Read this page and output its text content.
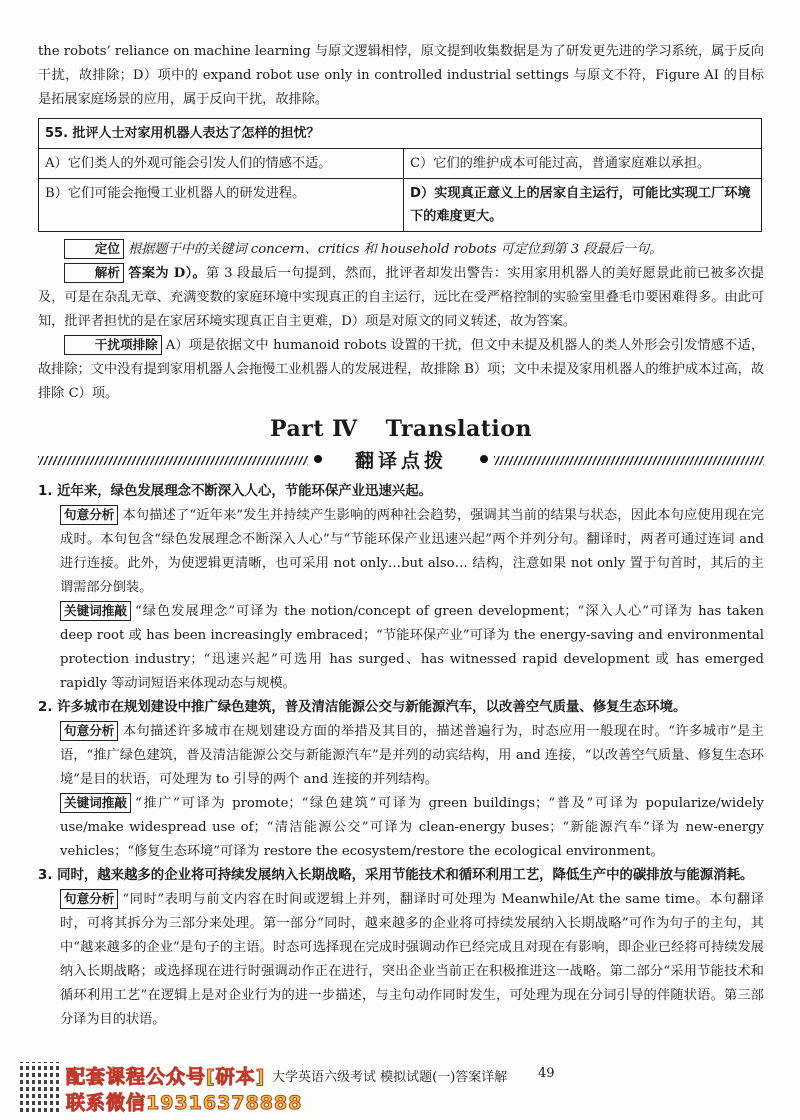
the robots’ reliance on machine learning 与原文逻辑相悖，原文提到收集数据是为了研发更先进的学习系统，属于反向干扰，故排除；D）项中的 expand robot use only in controlled industrial settings 与原文不符，Figure AI 的目标是拓展家庭场景的应用，属于反向干扰，故排除。

55. 批评人士对家用机器人表达了怎样的担忧？	
A）它们类人的外观可能会引发人们的情感不适。	C）它们的维护成本可能过高，普通家庭难以承担。
B）它们可能会拖慢工业机器人的研发进程。	D）实现真正意义上的居家自主运行，可能比实现工厂环境下的难度更大。

定位 根据题干中的关键词 concern、critics 和 household robots 可定位到第 3 段最后一句。

解析 答案为 D）。第 3 段最后一句提到，然而，批评者却发出警告：实用家用机器人的美好愿景此前已被多次提及，可是在杂乱无章、充满变数的家庭环境中实现真正的自主运行，远比在受严格控制的实验室里叠毛巾要困难得多。由此可知，批评者担忧的是在家居环境实现真正自主更难，D）项是对原文的同义转述，故为答案。

干扰项排除 A）项是依据文中 humanoid robots 设置的干扰，但文中未提及机器人的类人外形会引发情感不适，故排除；文中没有提到家用机器人会拖慢工业机器人的发展进程，故排除 B）项；文中未提及家用机器人的维护成本过高，故排除 C）项。

Part Ⅳ Translation
翻译点拨

1. 近年来，绿色发展理念不断深入人心，节能环保产业迅速兴起。

句意分析 本句描述了“近年来”发生并持续产生影响的两种社会趋势，强调其当前的结果与状态，因此本句应使用现在完成时。本句包含“绿色发展理念不断深入人心”与“节能环保产业迅速兴起”两个并列分句。翻译时，两者可通过连词 and 进行连接。此外，为使逻辑更清晰，也可采用 not only…but also… 结构，注意如果 not only 置于句首时，其后的主谓需部分倒装。

关键词推敲 “绿色发展理念”可译为 the notion/concept of green development；“深入人心”可译为 has taken deep root 或 has been increasingly embraced；“节能环保产业”可译为 the energy-saving and environmental protection industry；“迅速兴起”可选用 has surged、has witnessed rapid development 或 has emerged rapidly 等动词短语来体现动态与规模。

2. 许多城市在规划建设中推广绿色建筑，普及清洁能源公交与新能源汽车，以改善空气质量、修复生态环境。

句意分析 本句描述许多城市在规划建设方面的举措及其目的，描述普遍行为，时态应用一般现在时。“许多城市”是主语，“推广绿色建筑，普及清洁能源公交与新能源汽车”是并列的动宾结构，用 and 连接，“以改善空气质量、修复生态环境”是目的状语，可处理为 to 引导的两个 and 连接的并列结构。

关键词推敲 “推广”可译为 promote；“绿色建筑”可译为 green buildings；“普及”可译为 popularize/widely use/make widespread use of；“清洁能源公交”可译为 clean-energy buses；“新能源汽车”译为 new-energy vehicles；“修复生态环境”可译为 restore the ecosystem/restore the ecological environment。

3. 同时，越来越多的企业将可持续发展纳入长期战略，采用节能技术和循环利用工艺，降低生产中的碳排放与能源消耗。

句意分析 “同时”表明与前文内容在时间或逻辑上并列，翻译时可处理为 Meanwhile/At the same time。本句翻译时，可将其拆分为三部分来处理。第一部分“同时，越来越多的企业将可持续发展纳入长期战略”可作为句子的主句，其中“越来越多的企业”是句子的主语。时态可选择现在完成时强调动作已经完成且对现在有影响，即企业已经将可持续发展纳入长期战略；或选择现在进行时强调动作正在进行，突出企业当前正在积极推进这一战略。第二部分“采用节能技术和循环利用工艺”在逻辑上是对企业行为的进一步描述，与主句动作同时发生，可处理为现在分词引导的伴随状语。第三部分译为目的状语。

配套课程公众号[研本]
联系微信19316378888
大学英语六级考试 模拟试题(一)答案详解 49
